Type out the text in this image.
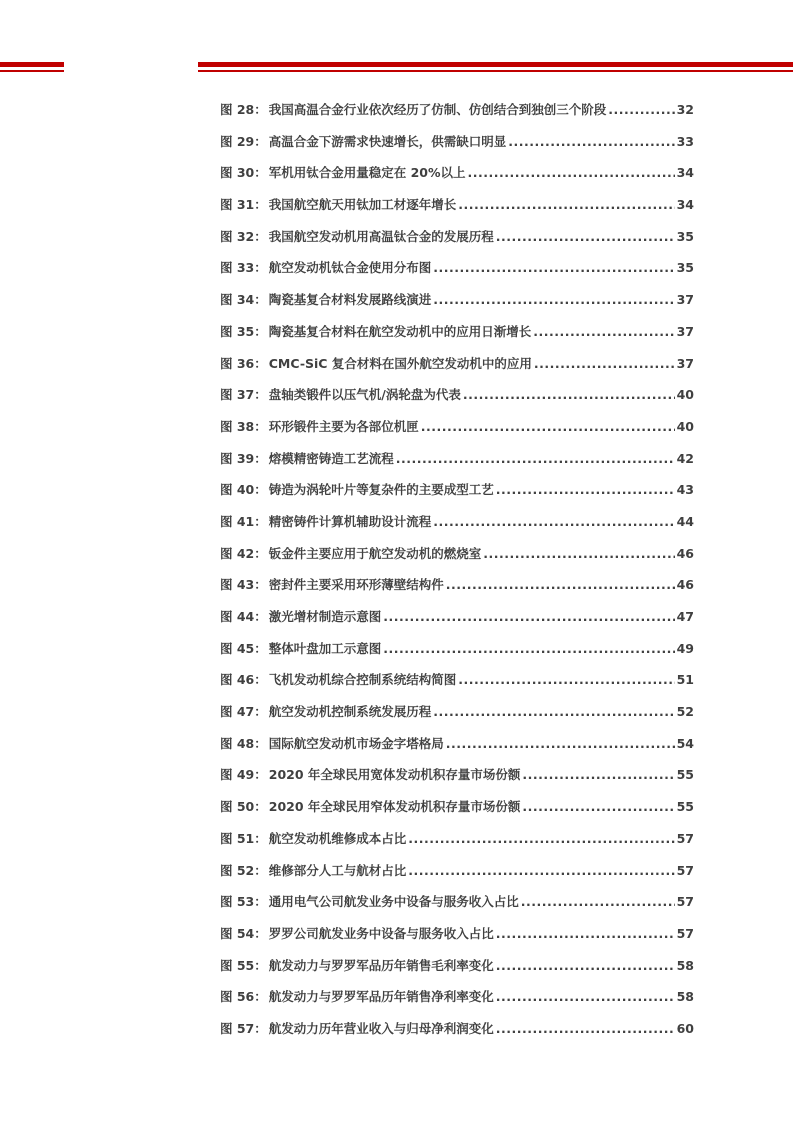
图 28： 我国高温合金行业依次经历了仿制、仿创结合到独创三个阶段 .....	32
图 29： 高温合金下游需求快速增长，供需缺口明显 .....	33
图 30： 军机用钛合金用量稳定在 20%以上 .....	34
图 31： 我国航空航天用钛加工材逐年增长 .....	34
图 32： 我国航空发动机用高温钛合金的发展历程 .....	35
图 33： 航空发动机钛合金使用分布图 .....	35
图 34： 陶瓷基复合材料发展路线演进 .....	37
图 35： 陶瓷基复合材料在航空发动机中的应用日渐增长 .....	37
图 36： CMC-SiC 复合材料在国外航空发动机中的应用 .....	37
图 37： 盘轴类锻件以压气机/涡轮盘为代表 .....	40
图 38： 环形锻件主要为各部位机匣 .....	40
图 39： 熔模精密铸造工艺流程 .....	42
图 40： 铸造为涡轮叶片等复杂件的主要成型工艺 .....	43
图 41： 精密铸件计算机辅助设计流程 .....	44
图 42： 钣金件主要应用于航空发动机的燃烧室 .....	46
图 43： 密封件主要采用环形薄壁结构件 .....	46
图 44： 激光增材制造示意图 .....	47
图 45： 整体叶盘加工示意图 .....	49
图 46： 飞机发动机综合控制系统结构简图 .....	51
图 47： 航空发动机控制系统发展历程 .....	52
图 48： 国际航空发动机市场金字塔格局 .....	54
图 49： 2020 年全球民用宽体发动机积存量市场份额 .....	55
图 50： 2020 年全球民用窄体发动机积存量市场份额 .....	55
图 51： 航空发动机维修成本占比 .....	57
图 52： 维修部分人工与航材占比 .....	57
图 53： 通用电气公司航发业务中设备与服务收入占比 .....	57
图 54： 罗罗公司航发业务中设备与服务收入占比 .....	57
图 55： 航发动力与罗罗军品历年销售毛利率变化 .....	58
图 56： 航发动力与罗罗军品历年销售净利率变化 .....	58
图 57： 航发动力历年营业收入与归母净利润变化 .....	60
